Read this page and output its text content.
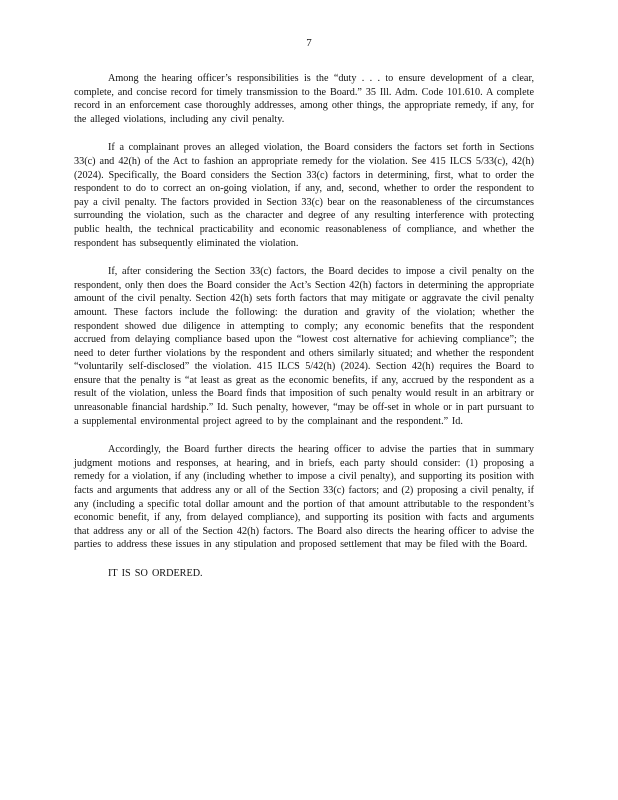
7

Among the hearing officer’s responsibilities is the “duty . . . to ensure development of a clear, complete, and concise record for timely transmission to the Board.” 35 Ill. Adm. Code 101.610. A complete record in an enforcement case thoroughly addresses, among other things, the appropriate remedy, if any, for the alleged violations, including any civil penalty.

If a complainant proves an alleged violation, the Board considers the factors set forth in Sections 33(c) and 42(h) of the Act to fashion an appropriate remedy for the violation. See 415 ILCS 5/33(c), 42(h) (2024). Specifically, the Board considers the Section 33(c) factors in determining, first, what to order the respondent to do to correct an on-going violation, if any, and, second, whether to order the respondent to pay a civil penalty. The factors provided in Section 33(c) bear on the reasonableness of the circumstances surrounding the violation, such as the character and degree of any resulting interference with protecting public health, the technical practicability and economic reasonableness of compliance, and whether the respondent has subsequently eliminated the violation.

If, after considering the Section 33(c) factors, the Board decides to impose a civil penalty on the respondent, only then does the Board consider the Act’s Section 42(h) factors in determining the appropriate amount of the civil penalty. Section 42(h) sets forth factors that may mitigate or aggravate the civil penalty amount. These factors include the following: the duration and gravity of the violation; whether the respondent showed due diligence in attempting to comply; any economic benefits that the respondent accrued from delaying compliance based upon the “lowest cost alternative for achieving compliance”; the need to deter further violations by the respondent and others similarly situated; and whether the respondent “voluntarily self-disclosed” the violation. 415 ILCS 5/42(h) (2024). Section 42(h) requires the Board to ensure that the penalty is “at least as great as the economic benefits, if any, accrued by the respondent as a result of the violation, unless the Board finds that imposition of such penalty would result in an arbitrary or unreasonable financial hardship.” Id. Such penalty, however, “may be off-set in whole or in part pursuant to a supplemental environmental project agreed to by the complainant and the respondent.” Id.

Accordingly, the Board further directs the hearing officer to advise the parties that in summary judgment motions and responses, at hearing, and in briefs, each party should consider: (1) proposing a remedy for a violation, if any (including whether to impose a civil penalty), and supporting its position with facts and arguments that address any or all of the Section 33(c) factors; and (2) proposing a civil penalty, if any (including a specific total dollar amount and the portion of that amount attributable to the respondent’s economic benefit, if any, from delayed compliance), and supporting its position with facts and arguments that address any or all of the Section 42(h) factors. The Board also directs the hearing officer to advise the parties to address these issues in any stipulation and proposed settlement that may be filed with the Board.

IT IS SO ORDERED.
